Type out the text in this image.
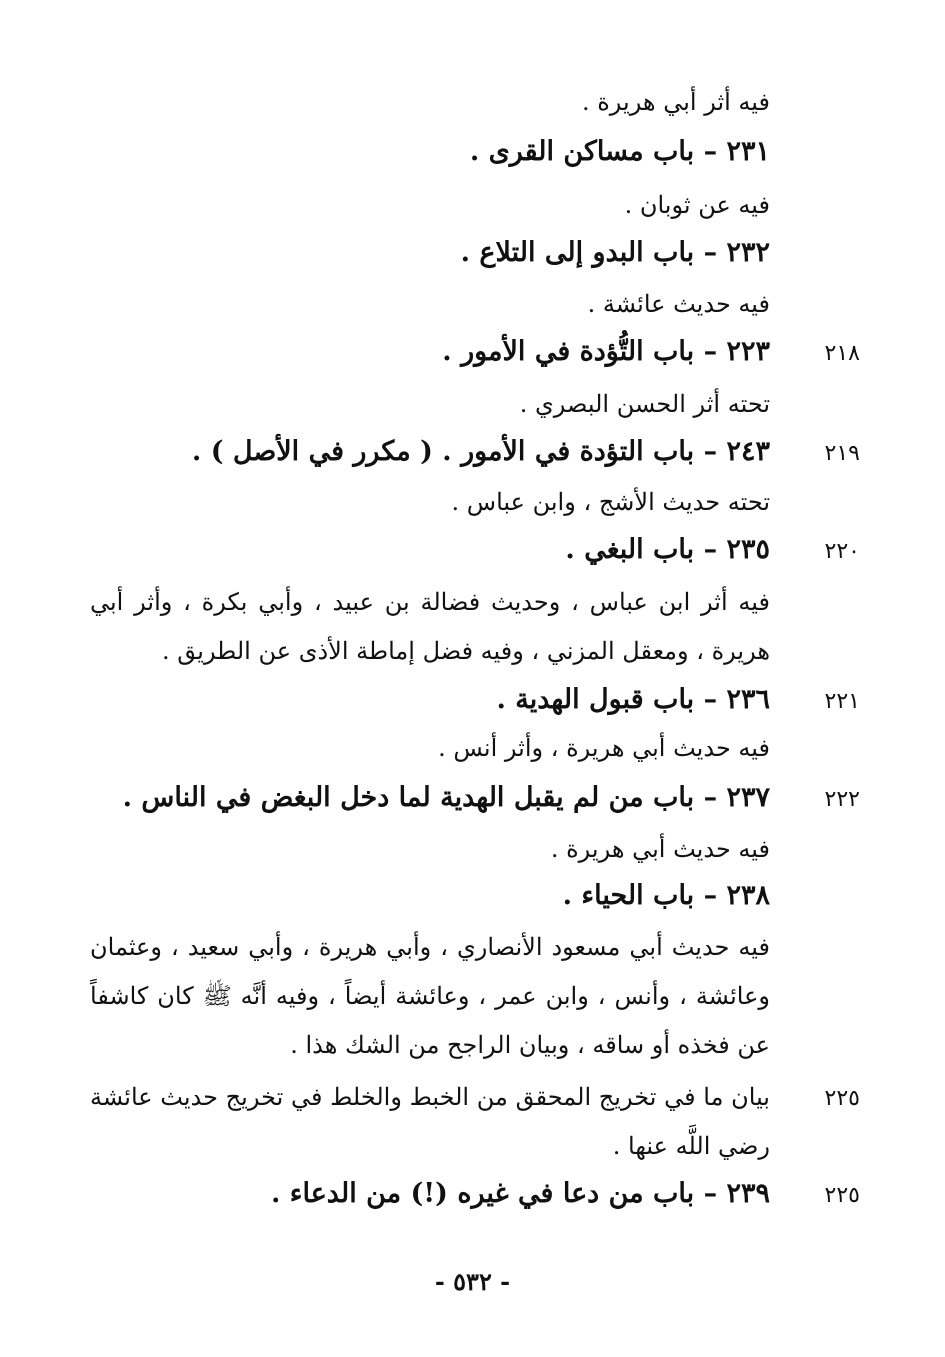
فيه أثر أبي هريرة .
٢٣١ – باب مساكن القرى .
فيه عن ثوبان .
٢٣٢ – باب البدو إلى التلاع .
فيه حديث عائشة .
٢١٨
٢٢٣ – باب التُّؤدة في الأمور .
تحته أثر الحسن البصري .
٢١٩
٢٤٣ – باب التؤدة في الأمور . ( مكرر في الأصل ) .
تحته حديث الأشج ، وابن عباس .
٢٢٠
٢٣٥ – باب البغي .
فيه أثر ابن عباس ، وحديث فضالة بن عبيد ، وأبي بكرة ، وأثر أبي هريرة ، ومعقل المزني ، وفيه فضل إماطة الأذى عن الطريق .
٢٢١
٢٣٦ – باب قبول الهدية .
فيه حديث أبي هريرة ، وأثر أنس .
٢٢٢
٢٣٧ – باب من لم يقبل الهدية لما دخل البغض في الناس .
فيه حديث أبي هريرة .
٢٣٨ – باب الحياء .
فيه حديث أبي مسعود الأنصاري ، وأبي هريرة ، وأبي سعيد ، وعثمان وعائشة ، وأنس ، وابن عمر ، وعائشة أيضاً ، وفيه أنَّه ﷺ كان كاشفاً عن فخذه أو ساقه ، وبيان الراجح من الشك هذا .
٢٢٥
بيان ما في تخريج المحقق من الخبط والخلط في تخريج حديث عائشة رضي اللَّه عنها .
٢٢٥
٢٣٩ – باب من دعا في غيره (!) من الدعاء .
- ٥٣٢ -
